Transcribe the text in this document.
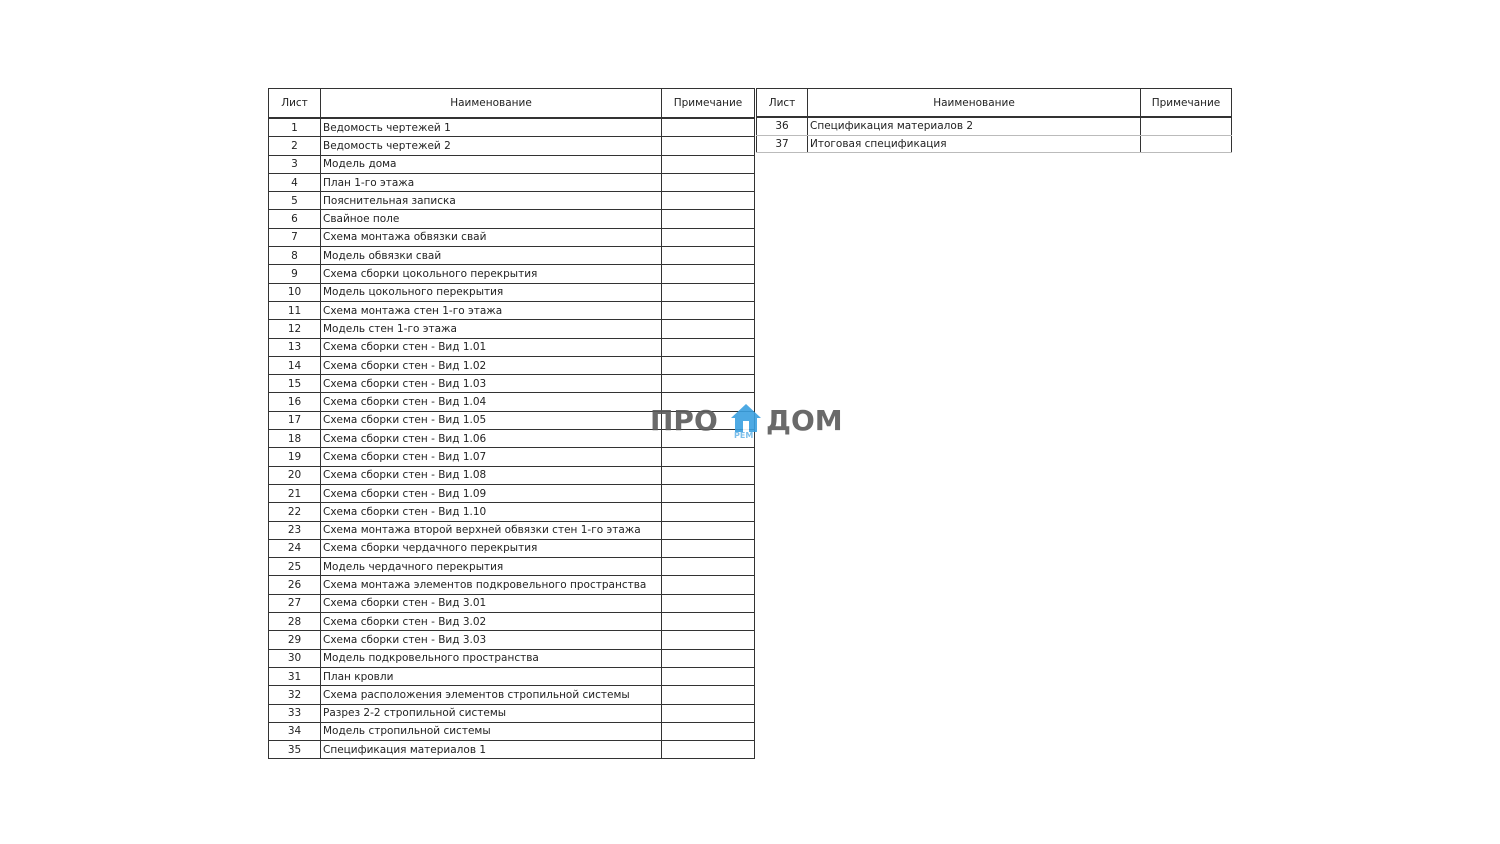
Лист	Наименование	Примечание
1	Ведомость чертежей 1	
2	Ведомость чертежей 2	
3	Модель дома	
4	План 1-го этажа	
5	Пояснительная записка	
6	Свайное поле	
7	Схема монтажа обвязки свай	
8	Модель обвязки свай	
9	Схема сборки цокольного перекрытия	
10	Модель цокольного перекрытия	
11	Схема монтажа стен 1-го этажа	
12	Модель стен 1-го этажа	
13	Схема сборки стен - Вид 1.01	
14	Схема сборки стен - Вид 1.02	
15	Схема сборки стен - Вид 1.03	
16	Схема сборки стен - Вид 1.04	
17	Схема сборки стен - Вид 1.05	
18	Схема сборки стен - Вид 1.06	
19	Схема сборки стен - Вид 1.07	
20	Схема сборки стен - Вид 1.08	
21	Схема сборки стен - Вид 1.09	
22	Схема сборки стен - Вид 1.10	
23	Схема монтажа второй верхней обвязки стен 1-го этажа	
24	Схема сборки чердачного перекрытия	
25	Модель чердачного перекрытия	
26	Схема монтажа элементов подкровельного пространства	
27	Схема сборки стен - Вид 3.01	
28	Схема сборки стен - Вид 3.02	
29	Схема сборки стен - Вид 3.03	
30	Модель подкровельного пространства	
31	План кровли	
32	Схема расположения элементов стропильной системы	
33	Разрез 2-2 стропильной системы	
34	Модель стропильной системы	
35	Спецификация материалов 1	
Лист	Наименование	Примечание
36	Спецификация материалов 2	
37	Итоговая спецификация	
ПРО ДОМ
РЕМ
